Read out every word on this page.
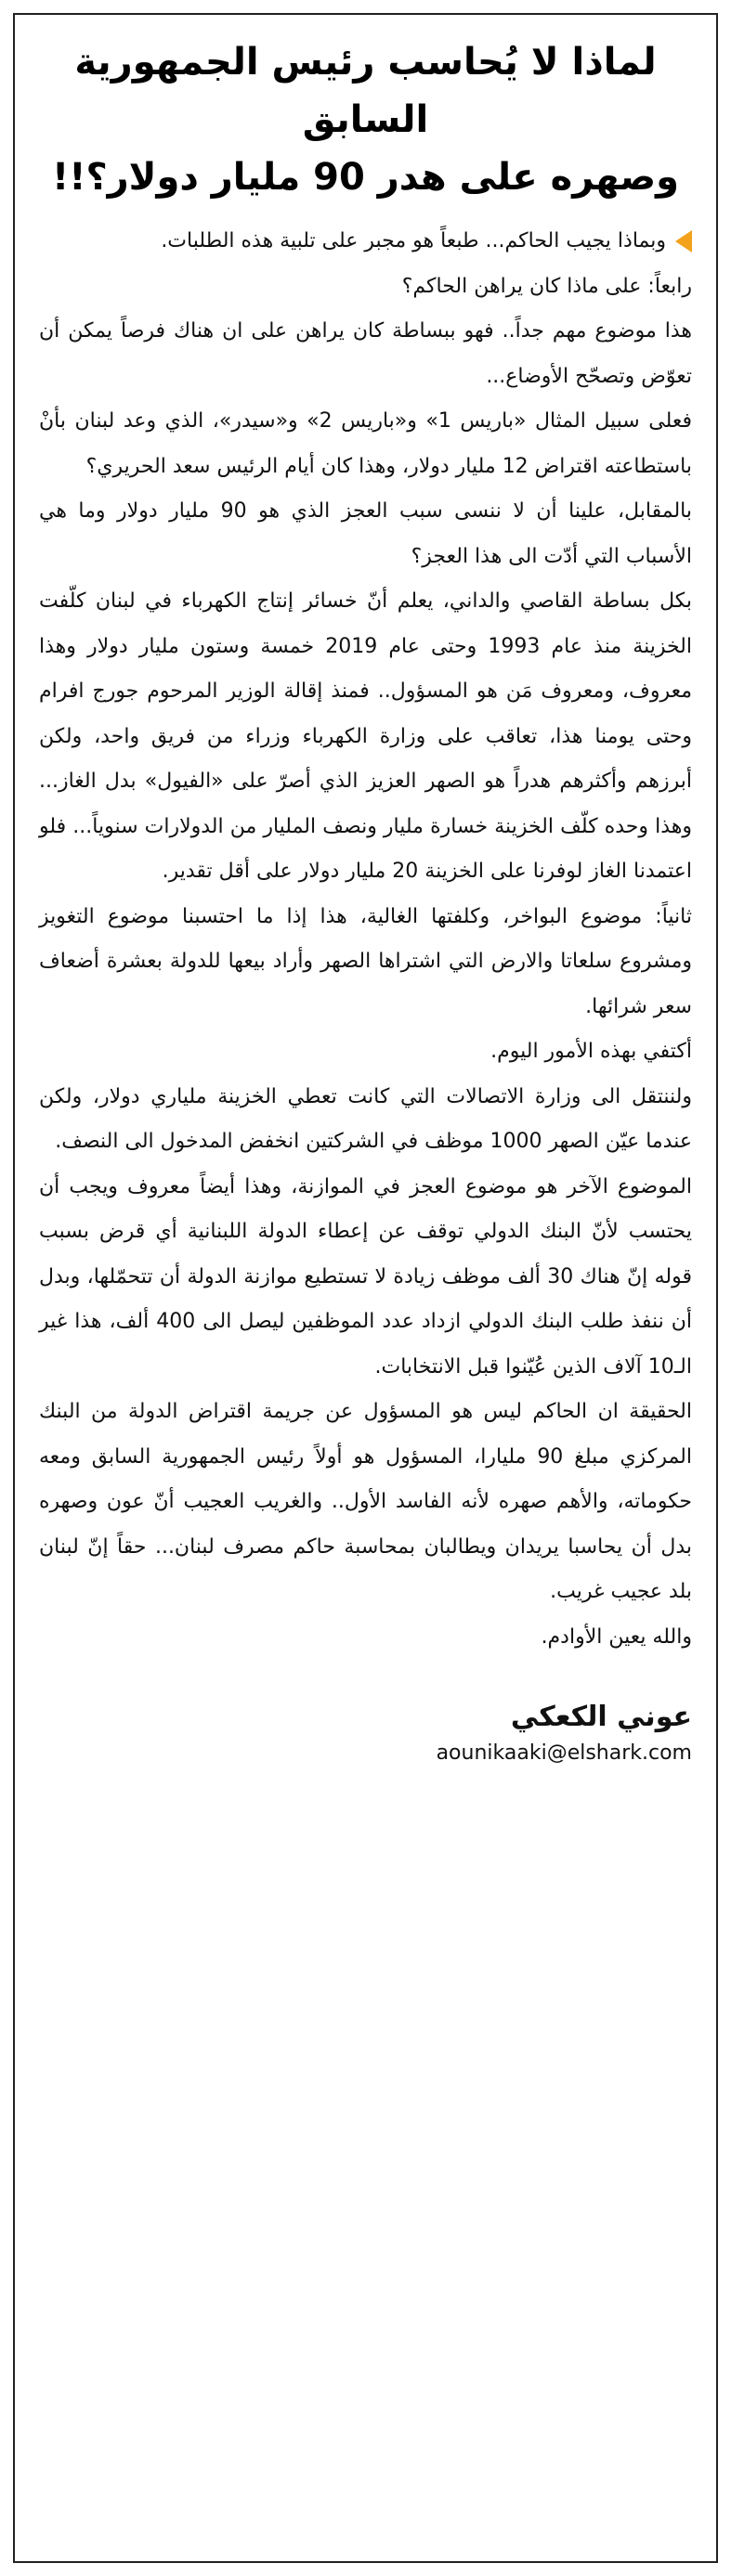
لماذا لا يُحاسب رئيس الجمهورية السابق
وصهره على هدر 90 مليار دولار؟!!

وبماذا يجيب الحاكم... طبعاً هو مجبر على تلبية هذه الطلبات.

رابعاً: على ماذا كان يراهن الحاكم؟

هذا موضوع مهم جداً.. فهو ببساطة كان يراهن على ان هناك فرصاً يمكن أن تعوّض وتصحّح الأوضاع...

فعلى سبيل المثال «باريس 1» و«باريس 2» و«سيدر»، الذي وعد لبنان بأنْ باستطاعته اقتراض 12 مليار دولار، وهذا كان أيام الرئيس سعد الحريري؟

بالمقابل، علينا أن لا ننسى سبب العجز الذي هو 90 مليار دولار وما هي الأسباب التي أدّت الى هذا العجز؟

بكل بساطة القاصي والداني، يعلم أنّ خسائر إنتاج الكهرباء في لبنان كلّفت الخزينة منذ عام 1993 وحتى عام 2019 خمسة وستون مليار دولار وهذا معروف، ومعروف مَن هو المسؤول.. فمنذ إقالة الوزير المرحوم جورج افرام وحتى يومنا هذا، تعاقب على وزارة الكهرباء وزراء من فريق واحد، ولكن أبرزهم وأكثرهم هدراً هو الصهر العزيز الذي أصرّ على «الفيول» بدل الغاز... وهذا وحده كلّف الخزينة خسارة مليار ونصف المليار من الدولارات سنوياً... فلو اعتمدنا الغاز لوفرنا على الخزينة 20 مليار دولار على أقل تقدير.

ثانياً: موضوع البواخر، وكلفتها الغالية، هذا إذا ما احتسبنا موضوع التغويز ومشروع سلعاتا والارض التي اشتراها الصهر وأراد بيعها للدولة بعشرة أضعاف سعر شرائها.

أكتفي بهذه الأمور اليوم.

ولننتقل الى وزارة الاتصالات التي كانت تعطي الخزينة ملياري دولار، ولكن عندما عيّن الصهر 1000 موظف في الشركتين انخفض المدخول الى النصف.

الموضوع الآخر هو موضوع العجز في الموازنة، وهذا أيضاً معروف ويجب أن يحتسب لأنّ البنك الدولي توقف عن إعطاء الدولة اللبنانية أي قرض بسبب قوله إنّ هناك 30 ألف موظف زيادة لا تستطيع موازنة الدولة أن تتحمّلها، وبدل أن ننفذ طلب البنك الدولي ازداد عدد الموظفين ليصل الى 400 ألف، هذا غير الـ10 آلاف الذين عُيّنوا قبل الانتخابات.

الحقيقة ان الحاكم ليس هو المسؤول عن جريمة اقتراض الدولة من البنك المركزي مبلغ 90 مليارا، المسؤول هو أولاً رئيس الجمهورية السابق ومعه حكوماته، والأهم صهره لأنه الفاسد الأول.. والغريب العجيب أنّ عون وصهره بدل أن يحاسبا يريدان ويطالبان بمحاسبة حاكم مصرف لبنان... حقاً إنّ لبنان بلد عجيب غريب.

والله يعين الأوادم.

عوني الكعكي
aounikaaki@elshark.com
